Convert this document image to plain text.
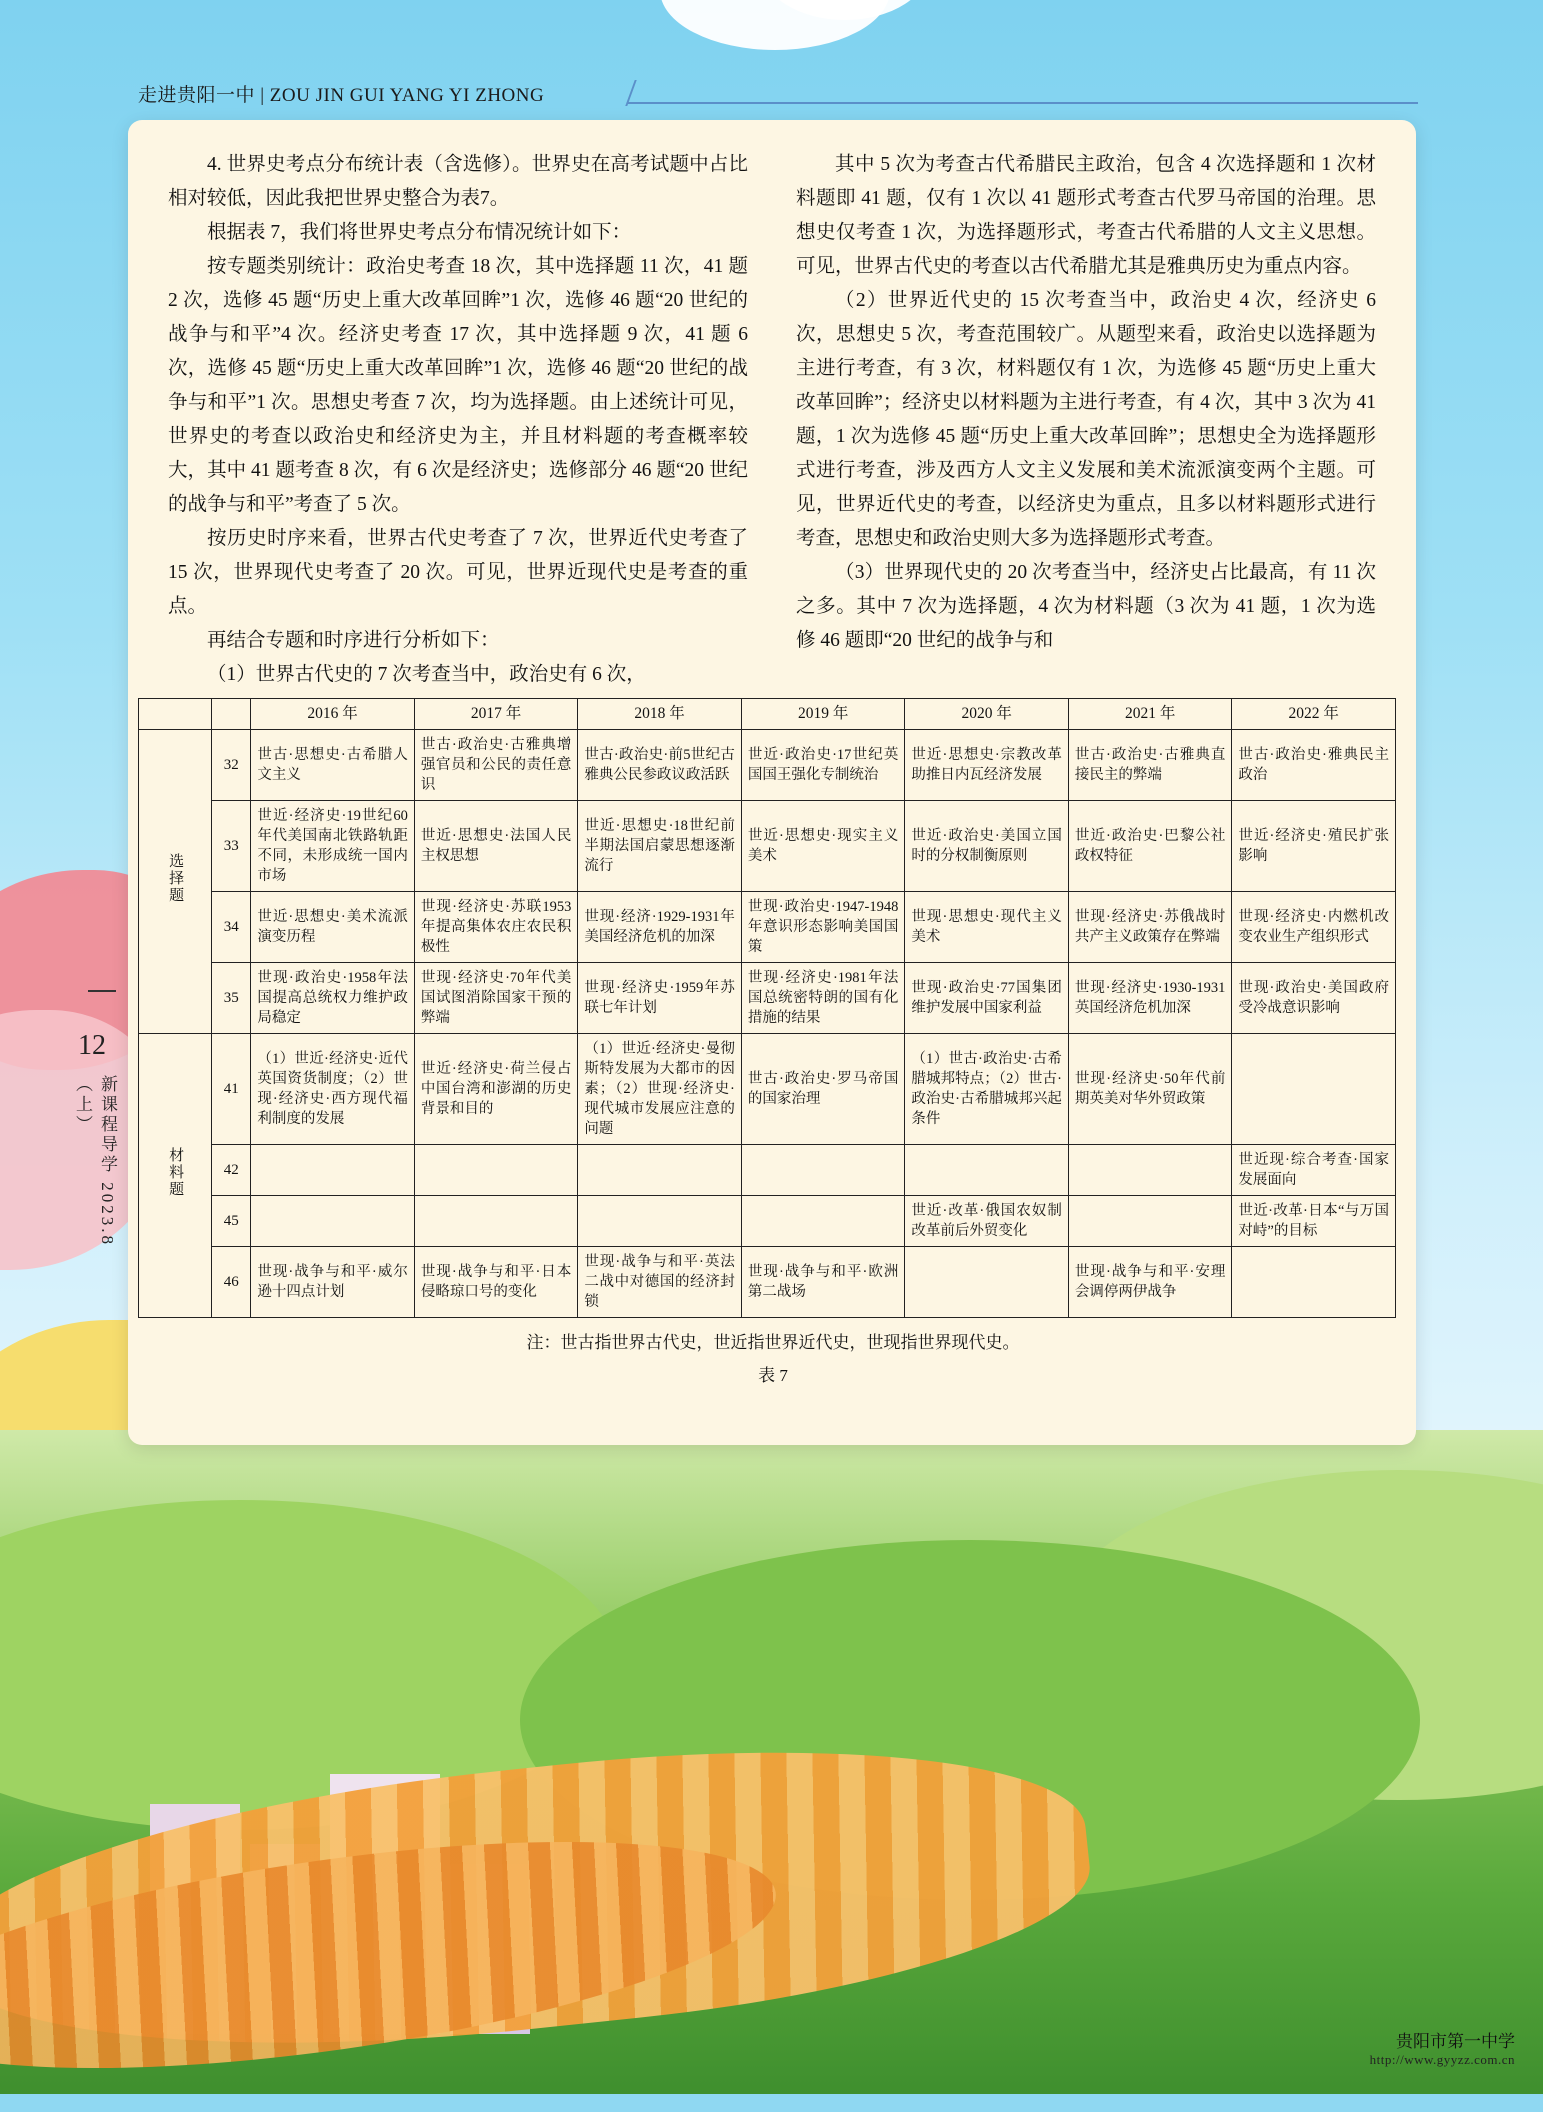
走进贵阳一中 | ZOU JIN GUI YANG YI ZHONG
12
新课程导学 2023.8（上）

4. 世界史考点分布统计表（含选修）。世界史在高考试题中占比相对较低，因此我把世界史整合为表7。

根据表 7，我们将世界史考点分布情况统计如下：

按专题类别统计：政治史考查 18 次，其中选择题 11 次，41 题 2 次，选修 45 题“历史上重大改革回眸”1 次，选修 46 题“20 世纪的战争与和平”4 次。经济史考查 17 次，其中选择题 9 次，41 题 6 次，选修 45 题“历史上重大改革回眸”1 次，选修 46 题“20 世纪的战争与和平”1 次。思想史考查 7 次，均为选择题。由上述统计可见，世界史的考查以政治史和经济史为主，并且材料题的考查概率较大，其中 41 题考查 8 次，有 6 次是经济史；选修部分 46 题“20 世纪的战争与和平”考查了 5 次。

按历史时序来看，世界古代史考查了 7 次，世界近代史考查了 15 次，世界现代史考查了 20 次。可见，世界近现代史是考查的重点。

再结合专题和时序进行分析如下：

（1）世界古代史的 7 次考查当中，政治史有 6 次，

其中 5 次为考查古代希腊民主政治，包含 4 次选择题和 1 次材料题即 41 题，仅有 1 次以 41 题形式考查古代罗马帝国的治理。思想史仅考查 1 次，为选择题形式，考查古代希腊的人文主义思想。可见，世界古代史的考查以古代希腊尤其是雅典历史为重点内容。

（2）世界近代史的 15 次考查当中，政治史 4 次，经济史 6 次，思想史 5 次，考查范围较广。从题型来看，政治史以选择题为主进行考查，有 3 次，材料题仅有 1 次，为选修 45 题“历史上重大改革回眸”；经济史以材料题为主进行考查，有 4 次，其中 3 次为 41 题，1 次为选修 45 题“历史上重大改革回眸”；思想史全为选择题形式进行考查，涉及西方人文主义发展和美术流派演变两个主题。可见，世界近代史的考查，以经济史为重点，且多以材料题形式进行考查，思想史和政治史则大多为选择题形式考查。

（3）世界现代史的 20 次考查当中，经济史占比最高，有 11 次之多。其中 7 次为选择题，4 次为材料题（3 次为 41 题，1 次为选修 46 题即“20 世纪的战争与和

		2016 年	2017 年	2018 年	2019 年	2020 年	2021 年	2022 年
选择题	32	世古·思想史·古希腊人文主义	世古·政治史·古雅典增强官员和公民的责任意识	世古·政治史·前5世纪古雅典公民参政议政活跃	世近·政治史·17世纪英国国王强化专制统治	世近·思想史·宗教改革助推日内瓦经济发展	世古·政治史·古雅典直接民主的弊端	世古·政治史·雅典民主政治
	33	世近·经济史·19世纪60年代美国南北铁路轨距不同，未形成统一国内市场	世近·思想史·法国人民主权思想	世近·思想史·18世纪前半期法国启蒙思想逐渐流行	世近·思想史·现实主义美术	世近·政治史·美国立国时的分权制衡原则	世近·政治史·巴黎公社政权特征	世近·经济史·殖民扩张影响
	34	世近·思想史·美术流派演变历程	世现·经济史·苏联1953年提高集体农庄农民积极性	世现·经济·1929-1931年美国经济危机的加深	世现·政治史·1947-1948年意识形态影响美国国策	世现·思想史·现代主义美术	世现·经济史·苏俄战时共产主义政策存在弊端	世现·经济史·内燃机改变农业生产组织形式
	35	世现·政治史·1958年法国提高总统权力维护政局稳定	世现·经济史·70年代美国试图消除国家干预的弊端	世现·经济史·1959年苏联七年计划	世现·经济史·1981年法国总统密特朗的国有化措施的结果	世现·政治史·77国集团维护发展中国家利益	世现·经济史·1930-1931英国经济危机加深	世现·政治史·美国政府受冷战意识影响
材料题	41	（1）世近·经济史·近代英国资货制度；（2）世现·经济史·西方现代福利制度的发展	世近·经济史·荷兰侵占中国台湾和澎湖的历史背景和目的	（1）世近·经济史·曼彻斯特发展为大都市的因素；（2）世现·经济史·现代城市发展应注意的问题	世古·政治史·罗马帝国的国家治理	（1）世古·政治史·古希腊城邦特点；（2）世古·政治史·古希腊城邦兴起条件	世现·经济史·50年代前期英美对华外贸政策	
	42							世近现·综合考查·国家发展面向
	45					世近·改革·俄国农奴制改革前后外贸变化		世近·改革·日本“与万国对峙”的目标
	46	世现·战争与和平·威尔逊十四点计划	世现·战争与和平·日本侵略琼口号的变化	世现·战争与和平·英法二战中对德国的经济封锁	世现·战争与和平·欧洲第二战场		世现·战争与和平·安理会调停两伊战争	
注：世古指世界古代史，世近指世界近代史，世现指世界现代史。
表 7
贵阳市第一中学
http://www.gyyzz.com.cn
